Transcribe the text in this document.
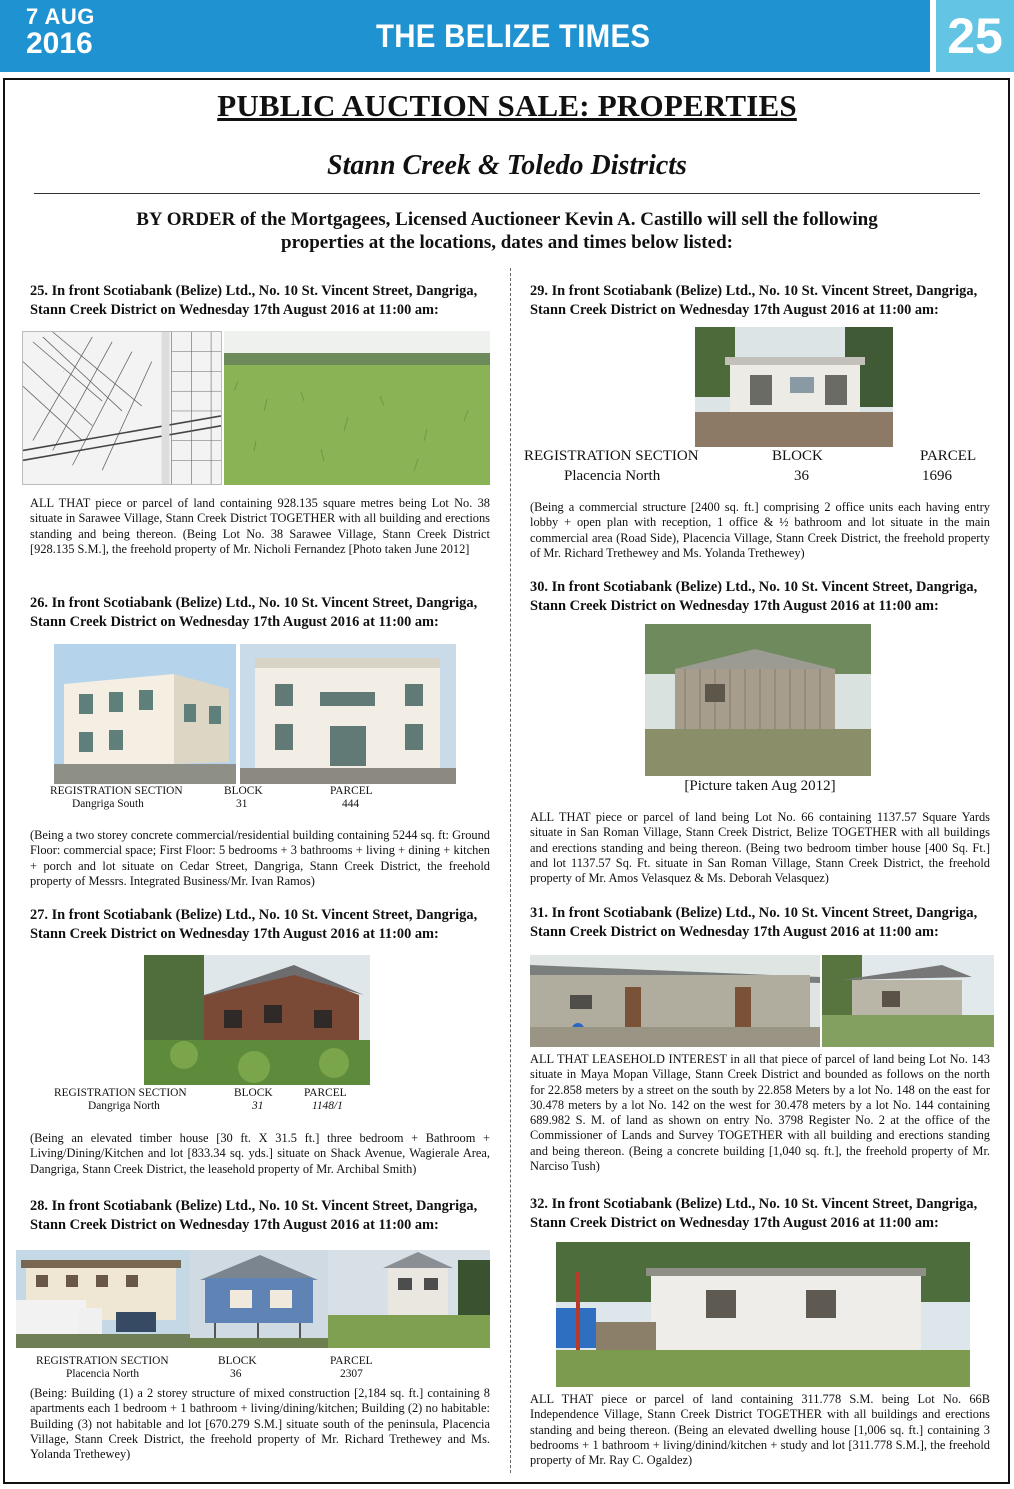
7 AUG
2016	THE BELIZE TIMES	25
PUBLIC AUCTION SALE: PROPERTIES
Stann Creek & Toledo Districts
BY ORDER of the Mortgagees, Licensed Auctioneer Kevin A. Castillo will sell the following properties at the locations, dates and times below listed:
25. In front Scotiabank (Belize) Ltd., No. 10 St. Vincent Street, Dangriga, Stann Creek District on Wednesday 17th August 2016 at 11:00 am:
.
ALL THAT piece or parcel of land containing 928.135 square metres being Lot No. 38 situate in Sarawee Village, Stann Creek District TOGETHER with all building and erections standing and being thereon. (Being Lot No. 38 Sarawee Village, Stann Creek District [928.135 S.M.], the freehold property of Mr. Nicholi Fernandez [Photo taken June 2012]
26. In front Scotiabank (Belize) Ltd., No. 10 St. Vincent Street, Dangriga, Stann Creek District on Wednesday 17th August 2016 at 11:00 am:
REGISTRATION SECTION	BLOCK	PARCEL
Dangriga South	31	444
(Being a two storey concrete commercial/residential building containing 5244 sq. ft: Ground Floor: commercial space; First Floor: 5 bedrooms + 3 bathrooms + living + dining + kitchen + porch and lot situate on Cedar Street, Dangriga, Stann Creek District, the freehold property of Messrs. Integrated Business/Mr. Ivan Ramos)
27. In front Scotiabank (Belize) Ltd., No. 10 St. Vincent Street, Dangriga, Stann Creek District on Wednesday 17th August 2016 at 11:00 am:
REGISTRATION SECTION	BLOCK	PARCEL
Dangriga North	31	1148/1
(Being an elevated timber house [30 ft. X 31.5 ft.] three bedroom + Bathroom + Living/Dining/Kitchen and lot [833.34 sq. yds.] situate on Shack Avenue, Wagierale Area, Dangriga, Stann Creek District, the leasehold property of Mr. Archibal Smith)
28. In front Scotiabank (Belize) Ltd., No. 10 St. Vincent Street, Dangriga, Stann Creek District on Wednesday 17th August 2016 at 11:00 am:
REGISTRATION SECTION	BLOCK	PARCEL
Placencia North	36	2307
(Being: Building (1) a 2 storey structure of mixed construction [2,184 sq. ft.] containing 8 apartments each 1 bedroom + 1 bathroom + living/dining/kitchen; Building (2) no habitable: Building (3) not habitable and lot [670.279 S.M.] situate south of the peninsula, Placencia Village, Stann Creek District, the freehold property of Mr. Richard Trethewey and Ms. Yolanda Trethewey)
29. In front Scotiabank (Belize) Ltd., No. 10 St. Vincent Street, Dangriga, Stann Creek District on Wednesday 17th August 2016 at 11:00 am:
REGISTRATION SECTION	BLOCK	PARCEL
Placencia North	36	1696
(Being a commercial structure [2400 sq. ft.] comprising 2 office units each having entry lobby + open plan with reception, 1 office & ½ bathroom and lot situate in the main commercial area (Road Side), Placencia Village, Stann Creek District, the freehold property of Mr. Richard Trethewey and Ms. Yolanda Trethewey)
30. In front Scotiabank (Belize) Ltd., No. 10 St. Vincent Street, Dangriga, Stann Creek District on Wednesday 17th August 2016 at 11:00 am:
[Picture taken Aug 2012]
ALL THAT piece or parcel of land being Lot No. 66 containing 1137.57 Square Yards situate in San Roman Village, Stann Creek District, Belize TOGETHER with all buildings and erections standing and being thereon. (Being two bedroom timber house [400 Sq. Ft.] and lot 1137.57 Sq. Ft. situate in San Roman Village, Stann Creek District, the freehold property of Mr. Amos Velasquez & Ms. Deborah Velasquez)
31. In front Scotiabank (Belize) Ltd., No. 10 St. Vincent Street, Dangriga, Stann Creek District on Wednesday 17th August 2016 at 11:00 am:
ALL THAT LEASEHOLD INTEREST in all that piece of parcel of land being Lot No. 143 situate in Maya Mopan Village, Stann Creek District and bounded as follows on the north for 22.858 meters by a street on the south by 22.858 Meters by a lot No. 148 on the east for 30.478 meters by a lot No. 142 on the west for 30.478 meters by a lot No. 144 containing 689.982 S. M. of land as shown on entry No. 3798 Register No. 2 at the office of the Commissioner of Lands and Survey TOGETHER with all building and erections standing and being thereon. (Being a concrete building [1,040 sq. ft.], the freehold property of Mr. Narciso Tush)
32. In front Scotiabank (Belize) Ltd., No. 10 St. Vincent Street, Dangriga, Stann Creek District on Wednesday 17th August 2016 at 11:00 am:
ALL THAT piece or parcel of land containing 311.778 S.M. being Lot No. 66B Independence Village, Stann Creek District TOGETHER with all buildings and erections standing and being thereon. (Being an elevated dwelling house [1,006 sq. ft.] containing 3 bedrooms + 1 bathroom + living/dinind/kitchen + study and lot [311.778 S.M.], the freehold property of Mr. Ray C. Ogaldez)
